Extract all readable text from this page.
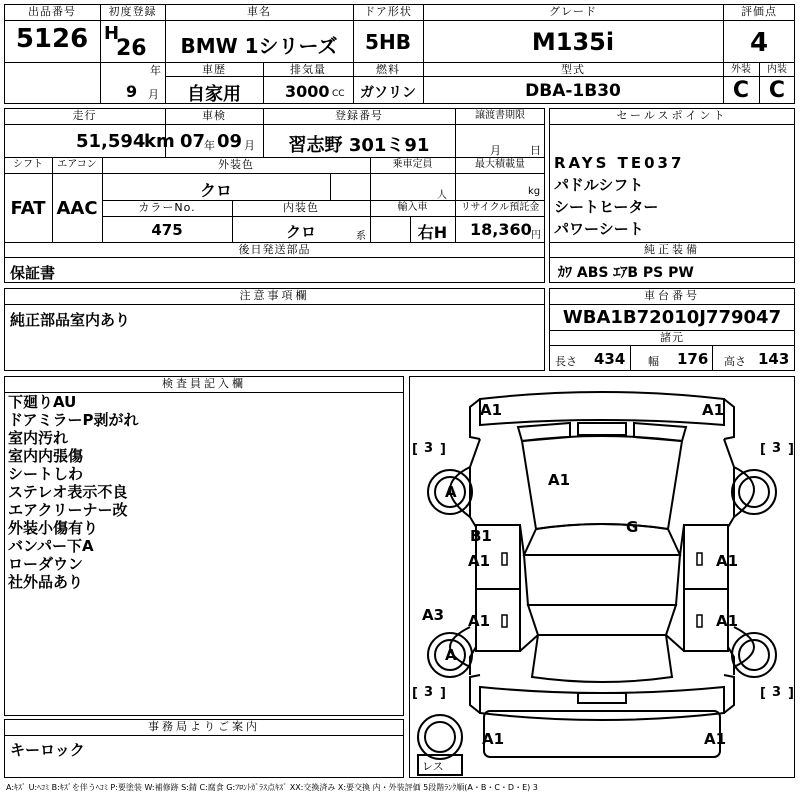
出品番号
5126
初度登録
H
26
年
9 月
車名
BMW 1シリーズ
ドア形状
5HB
グレード
M135i
評価点
4
車歴
自家用
排気量
3000 CC
燃料
ガソリン
型式
DBA-1B30
外装	内装
C C
走行
51,594
km
車検
07
年 09 月
登録番号
習志野 301ミ91
譲渡書期限
月	日
シフト
FAT
エアコン
AAC
外装色
クロ
乗車定員
人
最大積載量
kg
カラーNo.
475
内装色
クロ	系
輸入車
右H
リサイクル預託金
18,360 円
後日発送部品
保証書
セールスポイント
RAYS TE037
パドルシフト
シートヒーター
パワーシート
純正装備
ｶﾜ ABS ｴｱB PS PW
注意事項欄
純正部品室内あり
車台番号
WBA1B72010J779047
諸元
長さ 434 幅 176 高さ 143
検査員記入欄
下廻りAU
ドアミラーP剥がれ
室内汚れ
室内内張傷
シートしわ
ステレオ表示不良
エアクリーナー改
外装小傷有り
バンパー下A
ローダウン
社外品あり
事務局よりご案内
キーロック
[ ]	[ ]
[ ]	[ ]
A1	A1
3	3
3	3
A
A
A1
G
B1
A1	A1
A1	A1
A3
A1	A1
レス
A:ｷｽﾞ U:ﾍｺﾐ B:ｷｽﾞを伴うﾍｺﾐ P:要塗装 W:補修跡 S:錆 C:腐食 G:ﾌﾛﾝﾄｶﾞﾗｽ点ｷｽﾞ XX:交換済み X:要交換 内・外装評価 5段階ﾗﾝｸ順(A・B・C・D・E) 3
